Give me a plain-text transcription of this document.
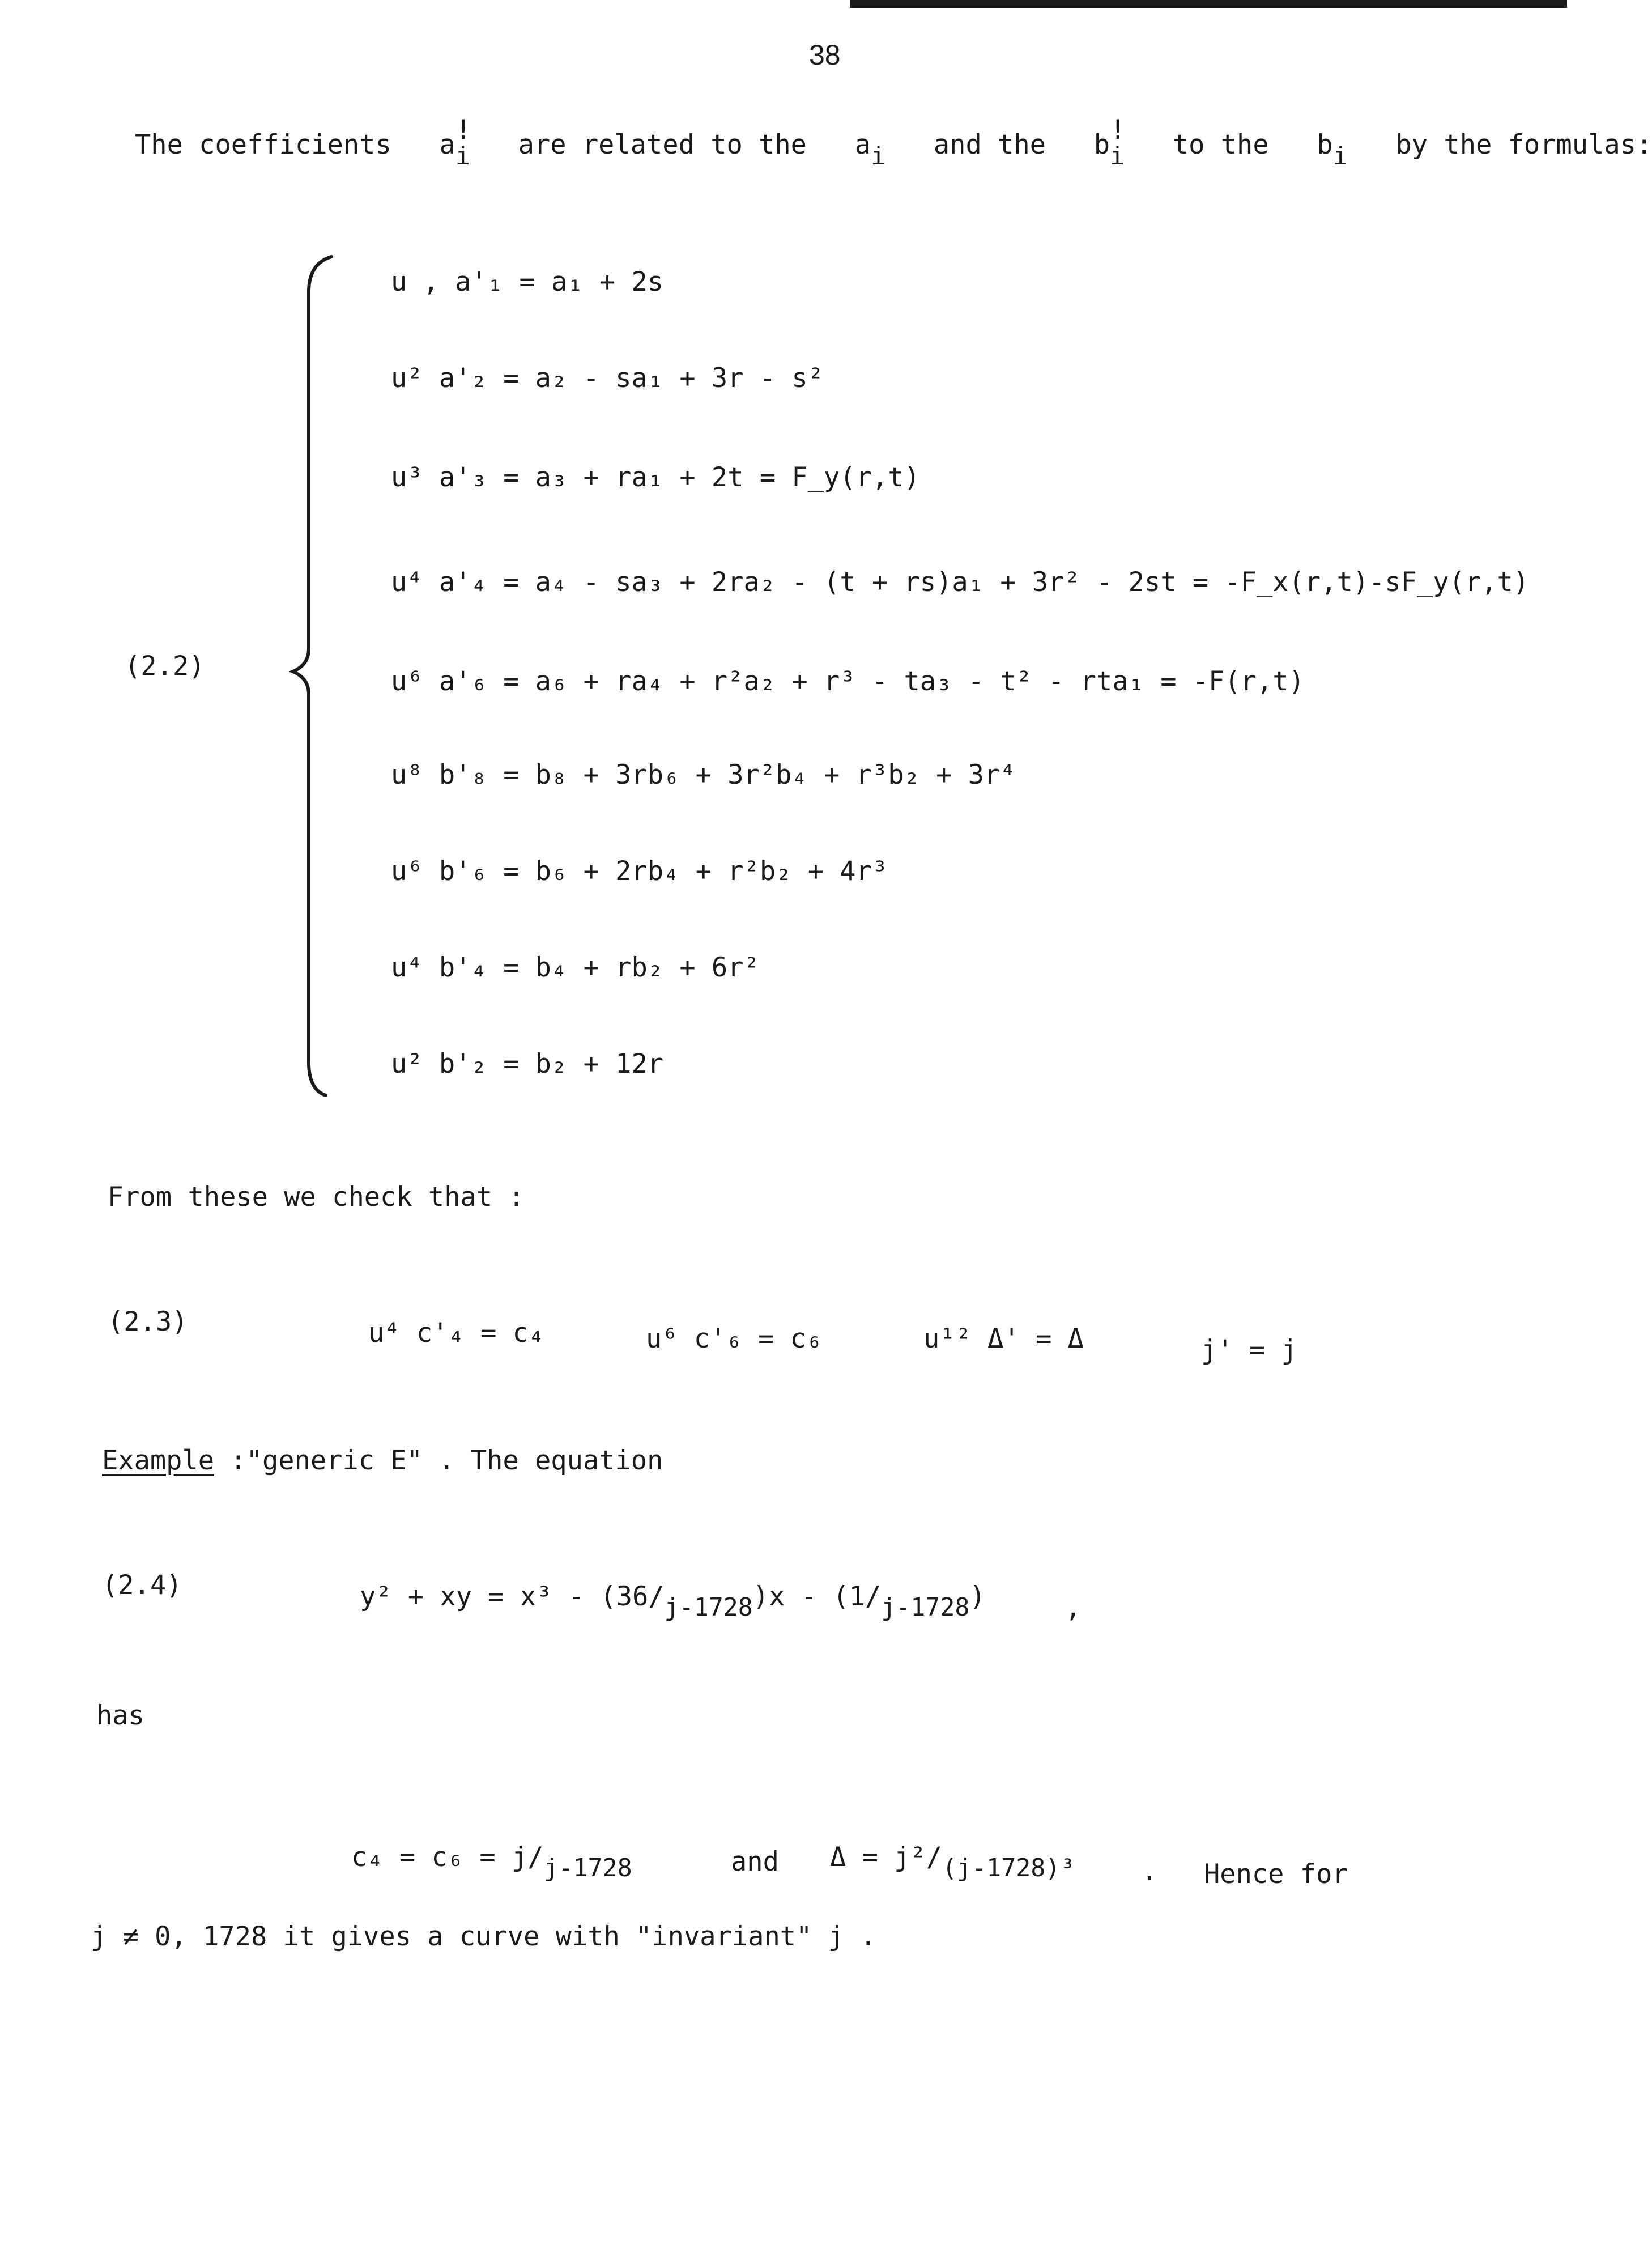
38
The coefficients a !
i are related to the ai and the b !
i to the bi by the formulas:
(2.2)
u , a'₁ = a₁ + 2s
u² a'₂ = a₂ - sa₁ + 3r - s²
u³ a'₃ = a₃ + ra₁ + 2t = F_y(r,t)
u⁴ a'₄ = a₄ - sa₃ + 2ra₂ - (t + rs)a₁ + 3r² - 2st = -F_x(r,t)-sF_y(r,t)
u⁶ a'₆ = a₆ + ra₄ + r²a₂ + r³ - ta₃ - t² - rta₁ = -F(r,t)
u⁸ b'₈ = b₈ + 3rb₆ + 3r²b₄ + r³b₂ + 3r⁴
u⁶ b'₆ = b₆ + 2rb₄ + r²b₂ + 4r³
u⁴ b'₄ = b₄ + rb₂ + 6r²
u² b'₂ = b₂ + 12r
From these we check that :
(2.3)	u⁴ c'₄ = c₄	u⁶ c'₆ = c₆	u¹² Δ' = Δ	j' = j
Example :"generic E" . The equation
(2.4)	y² + xy = $x^3 - (36/_{j-1728})x - (1/_{j-1728})$	,
has
$c_4 = c_6 = j/_{j-1728}$	and $\Delta = j^2/_{(j-1728)^3}$	. Hence for
j ≠ 0, 1728 it gives a curve with "invariant" j .
